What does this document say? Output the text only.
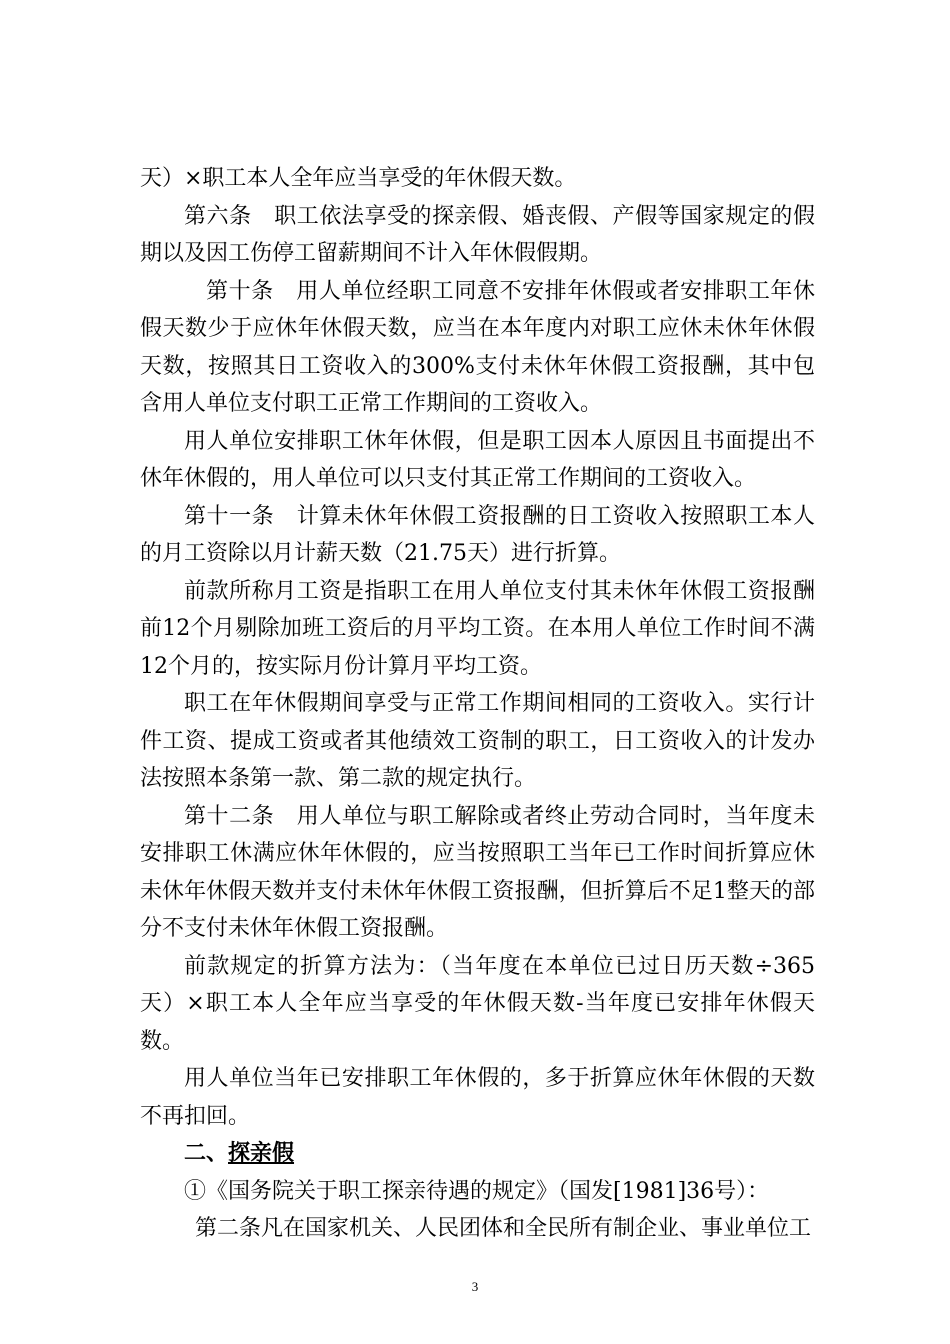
天）×职工本人全年应当享受的年休假天数。

第六条　职工依法享受的探亲假、婚丧假、产假等国家规定的假期以及因工伤停工留薪期间不计入年休假假期。

第十条　用人单位经职工同意不安排年休假或者安排职工年休假天数少于应休年休假天数，应当在本年度内对职工应休未休年休假天数，按照其日工资收入的300%支付未休年休假工资报酬，其中包含用人单位支付职工正常工作期间的工资收入。

用人单位安排职工休年休假，但是职工因本人原因且书面提出不休年休假的，用人单位可以只支付其正常工作期间的工资收入。

第十一条　计算未休年休假工资报酬的日工资收入按照职工本人的月工资除以月计薪天数（21.75天）进行折算。

前款所称月工资是指职工在用人单位支付其未休年休假工资报酬前12个月剔除加班工资后的月平均工资。在本用人单位工作时间不满12个月的，按实际月份计算月平均工资。

职工在年休假期间享受与正常工作期间相同的工资收入。实行计件工资、提成工资或者其他绩效工资制的职工，日工资收入的计发办法按照本条第一款、第二款的规定执行。

第十二条　用人单位与职工解除或者终止劳动合同时，当年度未安排职工休满应休年休假的，应当按照职工当年已工作时间折算应休未休年休假天数并支付未休年休假工资报酬，但折算后不足1整天的部分不支付未休年休假工资报酬。

前款规定的折算方法为：（当年度在本单位已过日历天数÷365天）×职工本人全年应当享受的年休假天数-当年度已安排年休假天数。

用人单位当年已安排职工年休假的，多于折算应休年休假的天数不再扣回。

二、探亲假

①《国务院关于职工探亲待遇的规定》（国发[1981]36号）：

第二条凡在国家机关、人民团体和全民所有制企业、事业单位工

3
